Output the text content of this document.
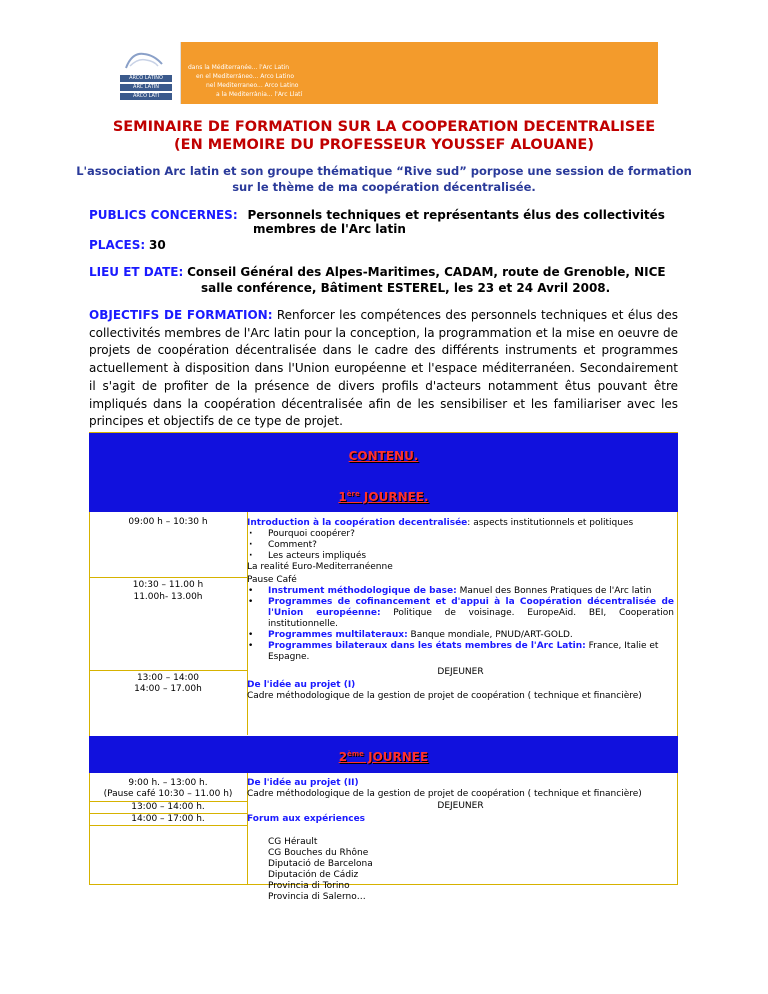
ARCO LATINO
ARC LATIN
ARCO LATI
dans la Méditerranée... l'Arc Latin
en el Mediterráneo... Arco Latino
nel Mediterraneo... Arco Latino
a la Mediterrània... l'Arc Llatí
SEMINAIRE DE FORMATION SUR LA COOPERATION DECENTRALISEE
(EN MEMOIRE DU PROFESSEUR YOUSSEF ALOUANE)
L'association Arc latin et son groupe thématique “Rive sud” porpose une session de formation
sur le thème de ma coopération décentralisée.
PUBLICS CONCERNES: Personnels techniques et représentants élus des collectivités
membres de l'Arc latin
PLACES: 30
LIEU ET DATE: Conseil Général des Alpes-Maritimes, CADAM, route de Grenoble, NICE
salle conférence, Bâtiment ESTEREL, les 23 et 24 Avril 2008.
OBJECTIFS DE FORMATION: Renforcer les compétences des personnels techniques et élus des collectivités membres de l'Arc latin pour la conception, la programmation et la mise en oeuvre de projets de coopération décentralisée dans le cadre des différents instruments et programmes actuellement à disposition dans l'Union européenne et l'espace méditerranéen. Secondairement il s'agit de profiter de la présence de divers profils d'acteurs notamment êtus pouvant être impliqués dans la coopération décentralisée afin de les sensibiliser et les familiariser avec les principes et objectifs de ce type de projet.
CONTENU.
1ère JOURNEE.
09:00 h – 10:30 h
10:30 – 11.00 h
11.00h- 13.00h
13:00 – 14:00
14:00 – 17.00h
Introduction à la coopération decentralisée: aspects institutionnels et politiques
· Pourquoi coopérer?
· Comment?
· Les acteurs impliqués
La realité Euro-Mediterranéenne
Pause Café
• Instrument méthodologique de base: Manuel des Bonnes Pratiques de l'Arc latin
• Programmes de cofinancement et d'appui à la Coopération décentralisée de l'Union européenne: Politique de voisinage. EuropeAid. BEI, Cooperation institutionnelle.
• Programmes multilateraux: Banque mondiale, PNUD/ART-GOLD.
• Programmes bilateraux dans les états membres de l'Arc Latin: France, Italie et Espagne.
DEJEUNER
De l'idée au projet (I)
Cadre méthodologique de la gestion de projet de coopération ( technique et financière)
2ème JOURNEE
9:00 h. – 13:00 h.
(Pause café 10:30 – 11.00 h)
13:00 – 14:00 h.
14:00 – 17:00 h.
De l'idée au projet (II)
Cadre méthodologique de la gestion de projet de coopération ( technique et financière)
DEJEUNER
Forum aux expériences
CG Hérault
CG Bouches du Rhône
Diputació de Barcelona
Diputación de Cádiz
Provincia di Torino
Provincia di Salerno…
